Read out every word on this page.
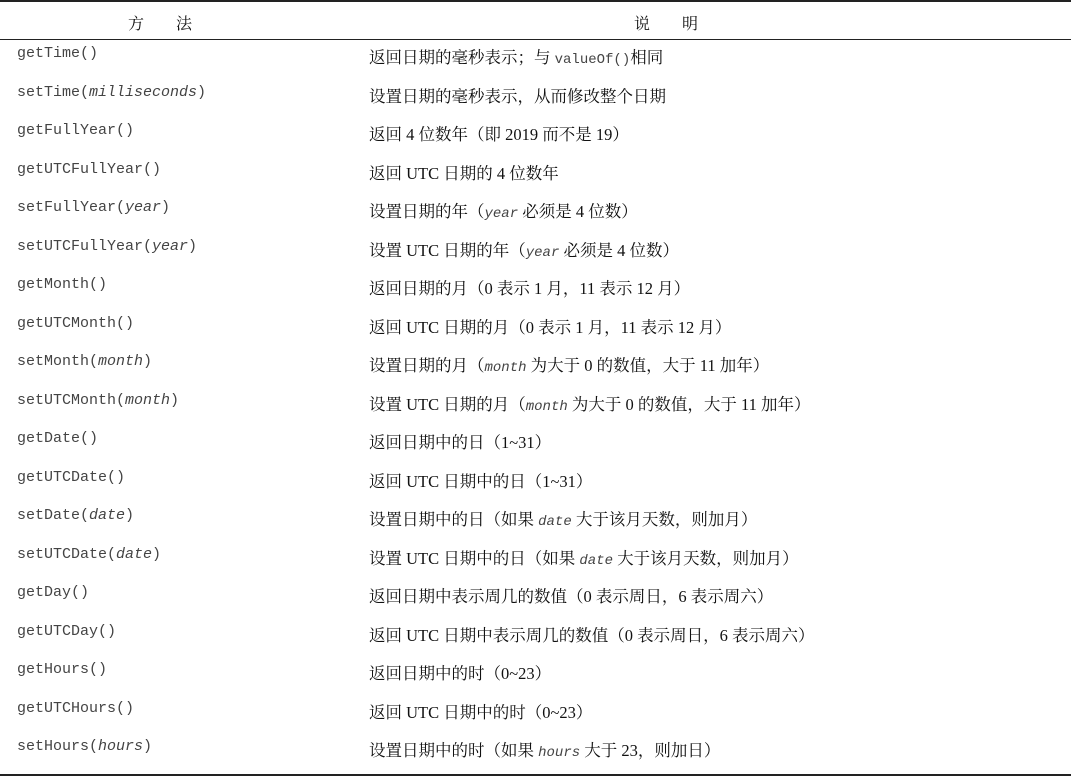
方　　法	说　　明
getTime()	返回日期的毫秒表示；与 valueOf()相同
setTime(milliseconds)	设置日期的毫秒表示，从而修改整个日期
getFullYear()	返回 4 位数年（即 2019 而不是 19）
getUTCFullYear()	返回 UTC 日期的 4 位数年
setFullYear(year)	设置日期的年（year 必须是 4 位数）
setUTCFullYear(year)	设置 UTC 日期的年（year 必须是 4 位数）
getMonth()	返回日期的月（0 表示 1 月，11 表示 12 月）
getUTCMonth()	返回 UTC 日期的月（0 表示 1 月，11 表示 12 月）
setMonth(month)	设置日期的月（month 为大于 0 的数值，大于 11 加年）
setUTCMonth(month)	设置 UTC 日期的月（month 为大于 0 的数值，大于 11 加年）
getDate()	返回日期中的日（1~31）
getUTCDate()	返回 UTC 日期中的日（1~31）
setDate(date)	设置日期中的日（如果 date 大于该月天数，则加月）
setUTCDate(date)	设置 UTC 日期中的日（如果 date 大于该月天数，则加月）
getDay()	返回日期中表示周几的数值（0 表示周日，6 表示周六）
getUTCDay()	返回 UTC 日期中表示周几的数值（0 表示周日，6 表示周六）
getHours()	返回日期中的时（0~23）
getUTCHours()	返回 UTC 日期中的时（0~23）
setHours(hours)	设置日期中的时（如果 hours 大于 23，则加日）
